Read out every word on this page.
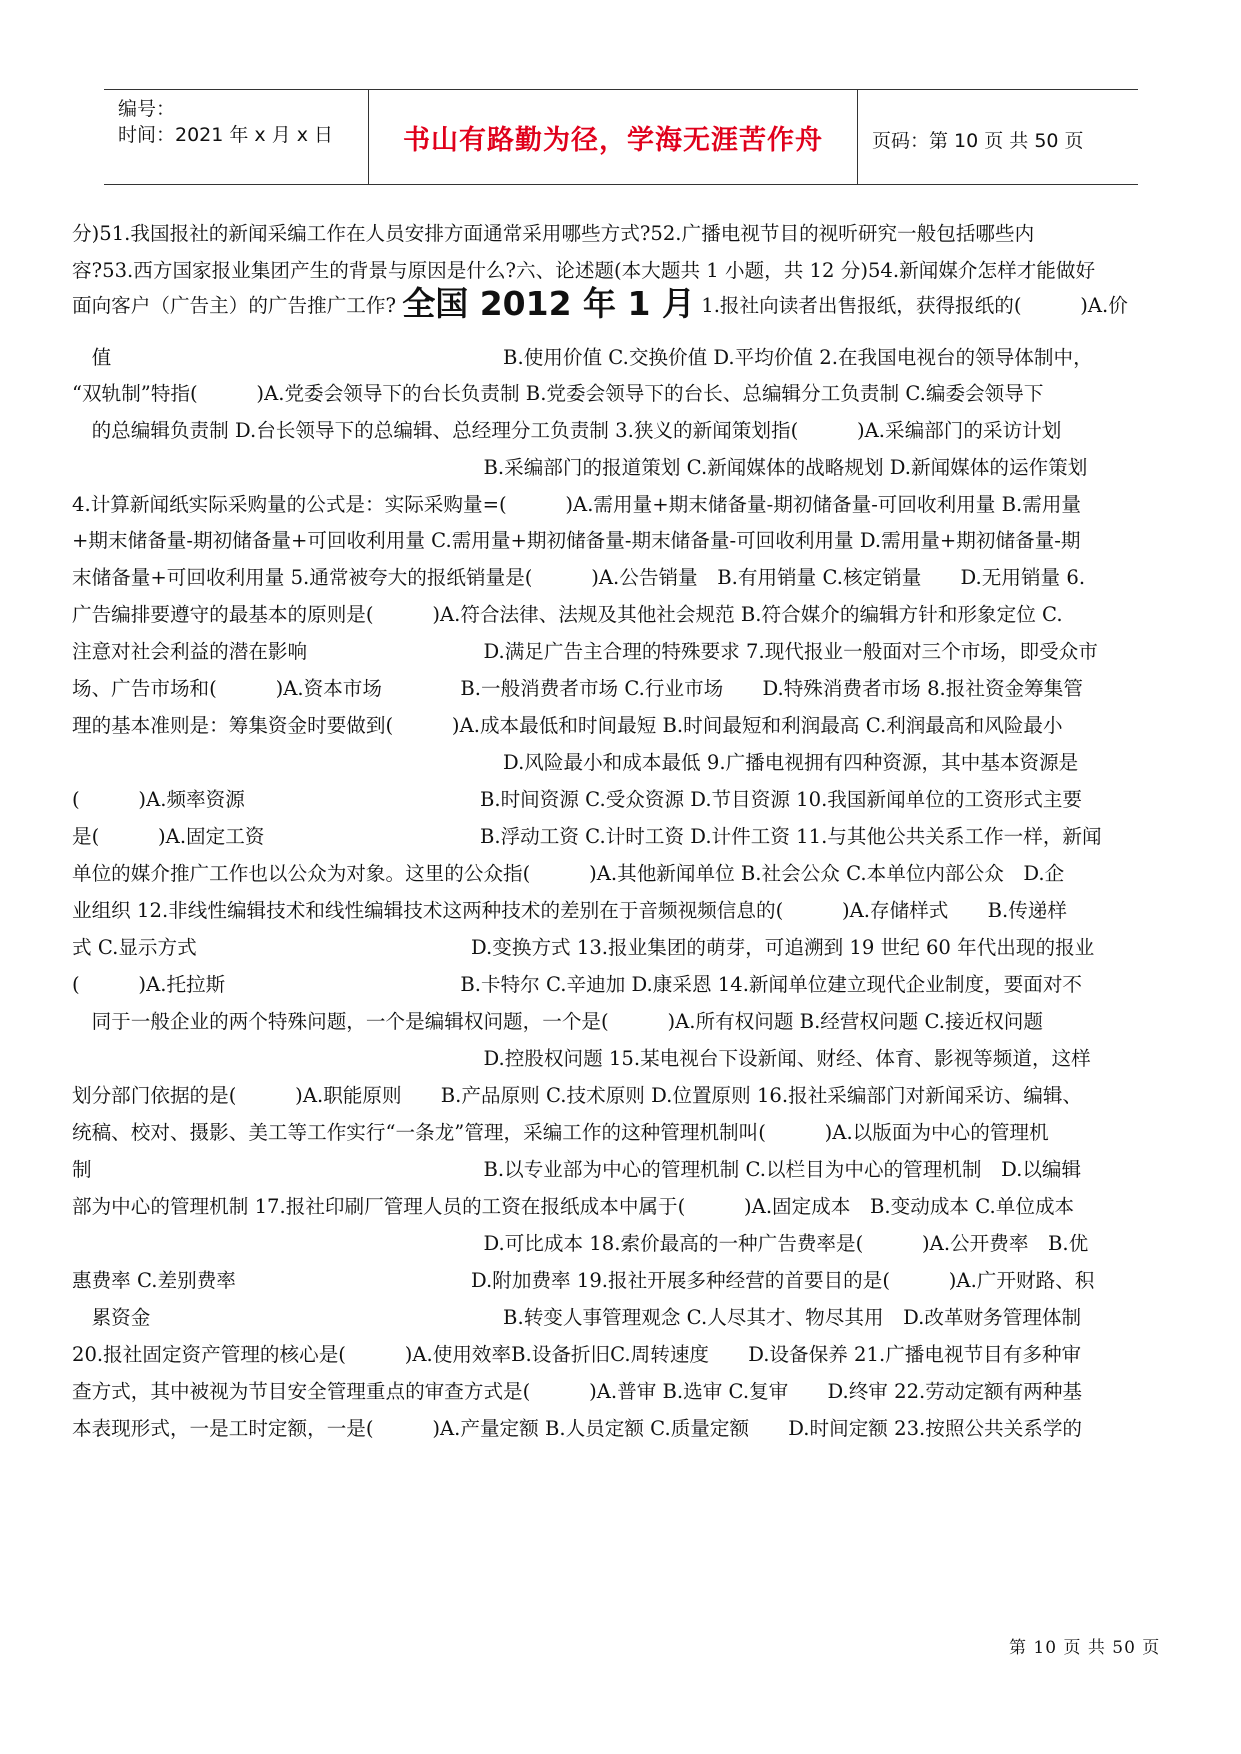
编号：
时间：2021 年 x 月 x 日	书山有路勤为径，学海无涯苦作舟	页码：第 10 页 共 50 页
分)51.我国报社的新闻采编工作在人员安排方面通常采用哪些方式?52.广播电视节目的视听研究一般包括哪些内
容?53.西方国家报业集团产生的背景与原因是什么?六、论述题(本大题共 1 小题，共 12 分)54.新闻媒介怎样才能做好
面向客户（广告主）的广告推广工作? 全国 2012 年 1 月 1.报社向读者出售报纸，获得报纸的(　　　)A.价
　值　　　　　　　　　　　　　　　　　　　　B.使用价值 C.交换价值 D.平均价值 2.在我国电视台的领导体制中，
“双轨制”特指(　　　)A.党委会领导下的台长负责制 B.党委会领导下的台长、总编辑分工负责制 C.编委会领导下
　的总编辑负责制 D.台长领导下的总编辑、总经理分工负责制 3.狭义的新闻策划指(　　　)A.采编部门的采访计划
　　　　　　　　　　　　　　　　　　　　　B.采编部门的报道策划 C.新闻媒体的战略规划 D.新闻媒体的运作策划
4.计算新闻纸实际采购量的公式是：实际采购量=(　　　)A.需用量+期末储备量-期初储备量-可回收利用量 B.需用量
+期末储备量-期初储备量+可回收利用量 C.需用量+期初储备量-期末储备量-可回收利用量 D.需用量+期初储备量-期
末储备量+可回收利用量 5.通常被夸大的报纸销量是(　　　)A.公告销量　B.有用销量 C.核定销量　　D.无用销量 6.
广告编排要遵守的最基本的原则是(　　　)A.符合法律、法规及其他社会规范 B.符合媒介的编辑方针和形象定位 C.
注意对社会利益的潜在影响　　　　　　　　　D.满足广告主合理的特殊要求 7.现代报业一般面对三个市场，即受众市
场、广告市场和(　　　)A.资本市场　　　　B.一般消费者市场 C.行业市场　　D.特殊消费者市场 8.报社资金筹集管
理的基本准则是：筹集资金时要做到(　　　)A.成本最低和时间最短 B.时间最短和利润最高 C.利润最高和风险最小
　　　　　　　　　　　　　　　　　　　　　　D.风险最小和成本最低 9.广播电视拥有四种资源，其中基本资源是
(　　　)A.频率资源　　　　　　　　　　　　B.时间资源 C.受众资源 D.节目资源 10.我国新闻单位的工资形式主要
是(　　　)A.固定工资　　　　　　　　　　　B.浮动工资 C.计时工资 D.计件工资 11.与其他公共关系工作一样，新闻
单位的媒介推广工作也以公众为对象。这里的公众指(　　　)A.其他新闻单位 B.社会公众 C.本单位内部公众　D.企
业组织 12.非线性编辑技术和线性编辑技术这两种技术的差别在于音频视频信息的(　　　)A.存储样式　　B.传递样
式 C.显示方式　　　　　　　　　　　　　　D.变换方式 13.报业集团的萌芽，可追溯到 19 世纪 60 年代出现的报业
(　　　)A.托拉斯　　　　　　　　　　　　B.卡特尔 C.辛迪加 D.康采恩 14.新闻单位建立现代企业制度，要面对不
　同于一般企业的两个特殊问题，一个是编辑权问题，一个是(　　　)A.所有权问题 B.经营权问题 C.接近权问题
　　　　　　　　　　　　　　　　　　　　　D.控股权问题 15.某电视台下设新闻、财经、体育、影视等频道，这样
划分部门依据的是(　　　)A.职能原则　　B.产品原则 C.技术原则 D.位置原则 16.报社采编部门对新闻采访、编辑、
统稿、校对、摄影、美工等工作实行“一条龙”管理，采编工作的这种管理机制叫(　　　)A.以版面为中心的管理机
制　　　　　　　　　　　　　　　　　　　　B.以专业部为中心的管理机制 C.以栏目为中心的管理机制　D.以编辑
部为中心的管理机制 17.报社印刷厂管理人员的工资在报纸成本中属于(　　　)A.固定成本　B.变动成本 C.单位成本
　　　　　　　　　　　　　　　　　　　　　D.可比成本 18.索价最高的一种广告费率是(　　　)A.公开费率　B.优
惠费率 C.差别费率　　　　　　　　　　　　D.附加费率 19.报社开展多种经营的首要目的是(　　　)A.广开财路、积
　累资金　　　　　　　　　　　　　　　　　　B.转变人事管理观念 C.人尽其才、物尽其用　D.改革财务管理体制
20.报社固定资产管理的核心是(　　　)A.使用效率B.设备折旧C.周转速度　　D.设备保养 21.广播电视节目有多种审
查方式，其中被视为节目安全管理重点的审查方式是(　　　)A.普审 B.选审 C.复审　　D.终审 22.劳动定额有两种基
本表现形式，一是工时定额，一是(　　　)A.产量定额 B.人员定额 C.质量定额　　D.时间定额 23.按照公共关系学的
第 10 页 共 50 页
